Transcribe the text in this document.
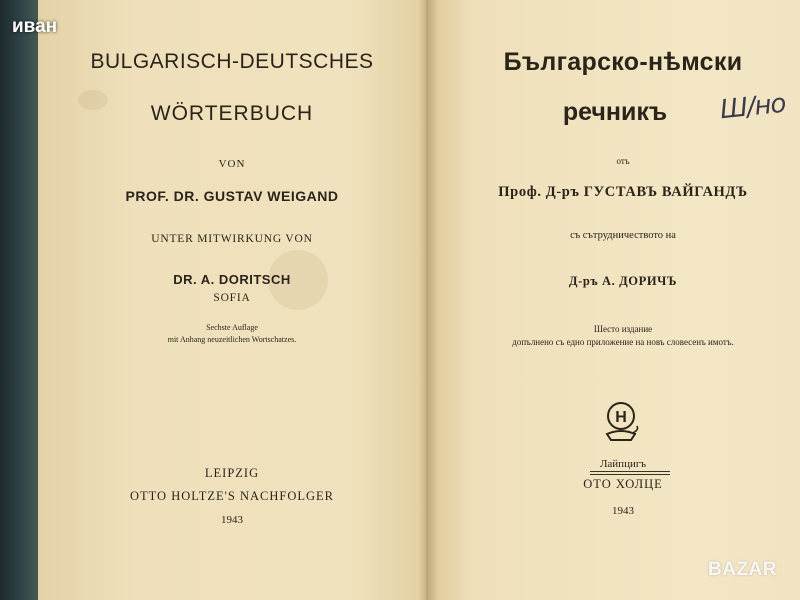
BULGARISCH-DEUTSCHES
WÖRTERBUCH
VON
PROF. DR. GUSTAV WEIGAND
UNTER MITWIRKUNG VON
DR. A. DORITSCH
SOFIA
Sechste Auflage
mit Anhang neuzeitlichen Wortschatzes.
LEIPZIG
OTTO HOLTZE'S NACHFOLGER
1943
Българско-нѣмски
речникъ	Ш/но
отъ
Проф. Д-ръ ГУСТАВЪ ВАЙГАНДЪ
съ сътрудничеството на
Д-ръ А. ДОРИЧЪ
Шесто издание
допълнено съ едно приложение на новъ словесенъ имотъ.
H
Лайпцигъ
ОТО ХОЛЦЕ
1943
иван
BAZAR
